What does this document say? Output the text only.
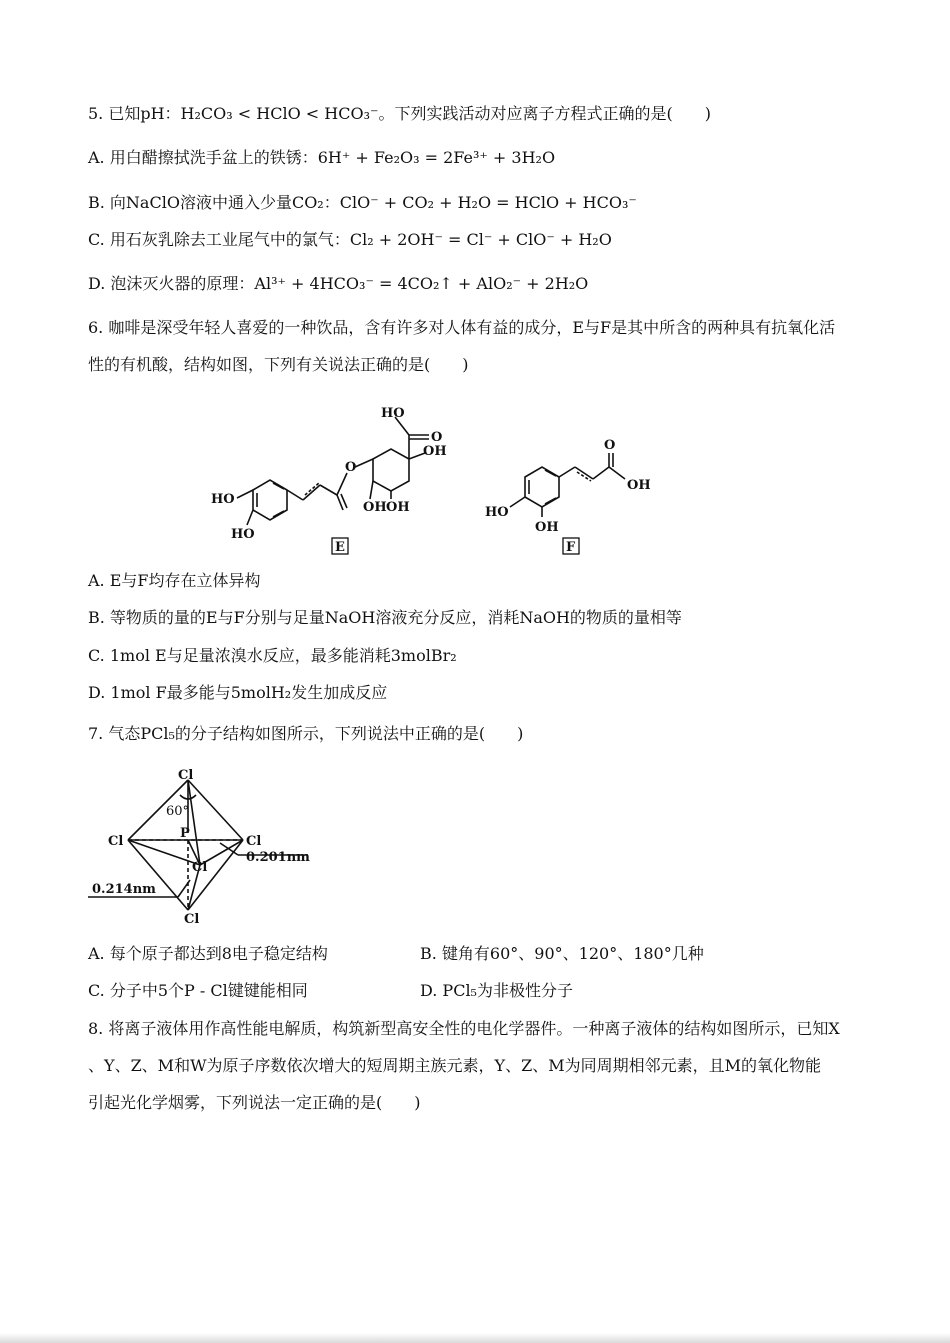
5. 已知pH：H₂CO₃ < HClO < HCO₃⁻。下列实践活动对应离子方程式正确的是(　　)
A. 用白醋擦拭洗手盆上的铁锈：6H⁺ + Fe₂O₃ = 2Fe³⁺ + 3H₂O
B. 向NaClO溶液中通入少量CO₂：ClO⁻ + CO₂ + H₂O = HClO + HCO₃⁻
C. 用石灰乳除去工业尾气中的氯气：Cl₂ + 2OH⁻ = Cl⁻ + ClO⁻ + H₂O
D. 泡沫灭火器的原理：Al³⁺ + 4HCO₃⁻ = 4CO₂↑ + AlO₂⁻ + 2H₂O
6. 咖啡是深受年轻人喜爱的一种饮品，含有许多对人体有益的成分，E与F是其中所含的两种具有抗氧化活
性的有机酸，结构如图，下列有关说法正确的是(　　)
HO
O
OH
O
OH OH
HO
HO
E
O
OH
HO
OH
F
A. E与F均存在立体异构
B. 等物质的量的E与F分别与足量NaOH溶液充分反应，消耗NaOH的物质的量相等
C. 1mol E与足量浓溴水反应，最多能消耗3molBr₂
D. 1mol F最多能与5molH₂发生加成反应
7. 气态PCl₅的分子结构如图所示，下列说法中正确的是(　　)
Cl
60°
P
Cl	Cl
Cl
Cl
0.201nm
0.214nm
A. 每个原子都达到8电子稳定结构	B. 键角有60°、90°、120°、180°几种
C. 分子中5个P - Cl键键能相同	D. PCl₅为非极性分子
8. 将离子液体用作高性能电解质，构筑新型高安全性的电化学器件。一种离子液体的结构如图所示，已知X
、Y、Z、M和W为原子序数依次增大的短周期主族元素，Y、Z、M为同周期相邻元素，且M的氧化物能
引起光化学烟雾，下列说法一定正确的是(　　)
